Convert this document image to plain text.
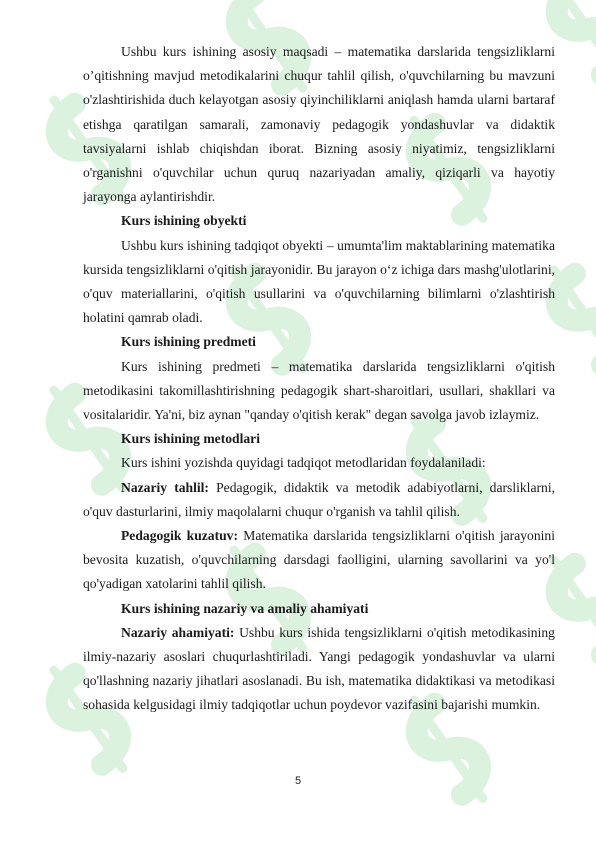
Ushbu kurs ishining asosiy maqsadi – matematika darslarida tengsizliklarni o’qitishning mavjud metodikalarini chuqur tahlil qilish, o'quvchilarning bu mavzuni o'zlashtirishida duch kelayotgan asosiy qiyinchiliklarni aniqlash hamda ularni bartaraf etishga qaratilgan samarali, zamonaviy pedagogik yondashuvlar va didaktik tavsiyalarni ishlab chiqishdan iborat. Bizning asosiy niyatimiz, tengsizliklarni o'rganishni o'quvchilar uchun quruq nazariyadan amaliy, qiziqarli va hayotiy jarayonga aylantirishdir.

Kurs ishining obyekti

Ushbu kurs ishining tadqiqot obyekti – umumta'lim maktablarining matematika kursida tengsizliklarni o'qitish jarayonidir. Bu jarayon o‘z ichiga dars mashg'ulotlarini, o'quv materiallarini, o'qitish usullarini va o'quvchilarning bilimlarni o'zlashtirish holatini qamrab oladi.

Kurs ishining predmeti

Kurs ishining predmeti – matematika darslarida tengsizliklarni o'qitish metodikasini takomillashtirishning pedagogik shart-sharoitlari, usullari, shakllari va vositalaridir. Ya'ni, biz aynan "qanday o'qitish kerak" degan savolga javob izlaymiz.

Kurs ishining metodlari

Kurs ishini yozishda quyidagi tadqiqot metodlaridan foydalaniladi:

Nazariy tahlil: Pedagogik, didaktik va metodik adabiyotlarni, darsliklarni, o'quv dasturlarini, ilmiy maqolalarni chuqur o'rganish va tahlil qilish.

Pedagogik kuzatuv: Matematika darslarida tengsizliklarni o'qitish jarayonini bevosita kuzatish, o'quvchilarning darsdagi faolligini, ularning savollarini va yo'l qo'yadigan xatolarini tahlil qilish.

Kurs ishining nazariy va amaliy ahamiyati

Nazariy ahamiyati: Ushbu kurs ishida tengsizliklarni o'qitish metodikasining ilmiy-nazariy asoslari chuqurlashtiriladi. Yangi pedagogik yondashuvlar va ularni qo'llashning nazariy jihatlari asoslanadi. Bu ish, matematika didaktikasi va metodikasi sohasida kelgusidagi ilmiy tadqiqotlar uchun poydevor vazifasini bajarishi mumkin.

5
